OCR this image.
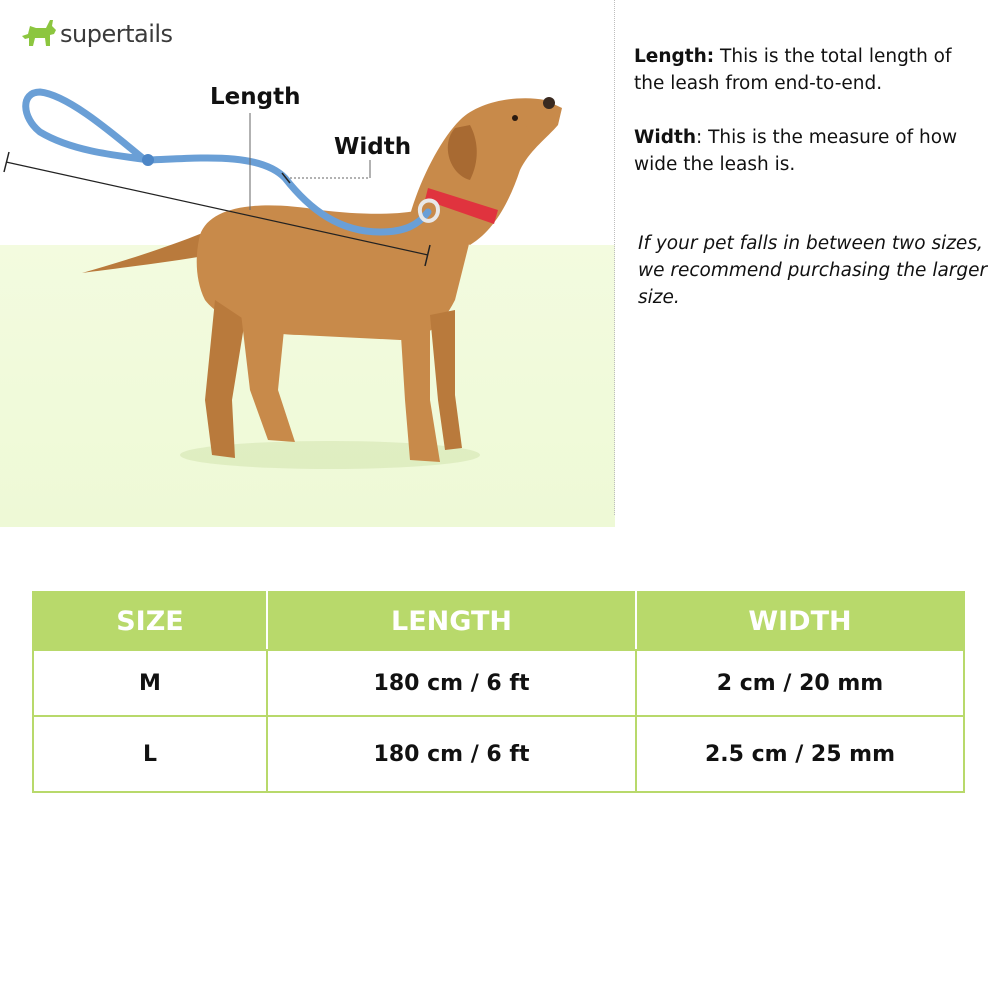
supertails
Length
Width
Length: This is the total length of the leash from end-to-end.
Width: This is the measure of how wide the leash is.
If your pet falls in between two sizes, we recommend purchasing the larger size.
SIZE	LENGTH	WIDTH
M	180 cm / 6 ft	2 cm / 20 mm
L	180 cm / 6 ft	2.5 cm / 25 mm
